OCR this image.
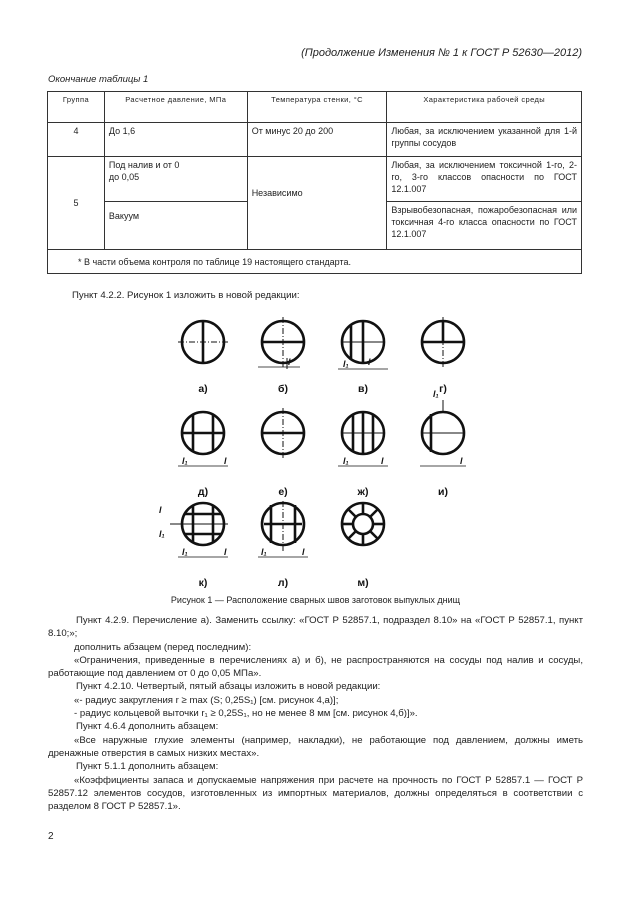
(Продолжение Изменения № 1 к ГОСТ Р 52630—2012)
Окончание таблицы 1
Группа	Расчетное давление, МПа	Температура стенки, °C	Характеристика рабочей среды
4	До 1,6	От минус 20 до 200	Любая, за исключением указанной для 1-й группы сосудов
5	Под налив и от 0 до 0,05	Независимо	Любая, за исключением токсичной 1-го, 2-го, 3-го классов опасности по ГОСТ 12.1.007
	Вакуум		Взрывобезопасная, пожаробезопасная или токсичная 4-го класса опасности по ГОСТ 12.1.007
* В части объема контроля по таблице 19 настоящего стандарта.			
Пункт 4.2.2. Рисунок 1 изложить в новой редакции:
l	l₁ l
l₁
l₁	l	l₁	l	l
l
l₁
l₁	l	l₁	l
а)	б)	в)	г)
д)	е)	ж)	и)
к)	л)	м)
Рисунок 1 — Расположение сварных швов заготовок выпуклых днищ
Пункт 4.2.9. Перечисление а). Заменить ссылку: «ГОСТ Р 52857.1, подраздел 8.10» на «ГОСТ Р 52857.1, пункт 8.10;»;
дополнить абзацем (перед последним):
«Ограничения, приведенные в перечислениях а) и б), не распространяются на сосуды под налив и сосуды, работающие под давлением от 0 до 0,05 МПа».
Пункт 4.2.10. Четвертый, пятый абзацы изложить в новой редакции:
«- радиус закругления r ≥ max (S; 0,25S₁) [см. рисунок 4,а)];
- радиус кольцевой выточки r₁ ≥ 0,25S₁, но не менее 8 мм [см. рисунок 4,б)]».
Пункт 4.6.4 дополнить абзацем:
«Все наружные глухие элементы (например, накладки), не работающие под давлением, должны иметь дренажные отверстия в самых низких местах».
Пункт 5.1.1 дополнить абзацем:
«Коэффициенты запаса и допускаемые напряжения при расчете на прочность по ГОСТ Р 52857.1 — ГОСТ Р 52857.12 элементов сосудов, изготовленных из импортных материалов, должны определяться в соответствии с разделом 8 ГОСТ Р 52857.1».
2
